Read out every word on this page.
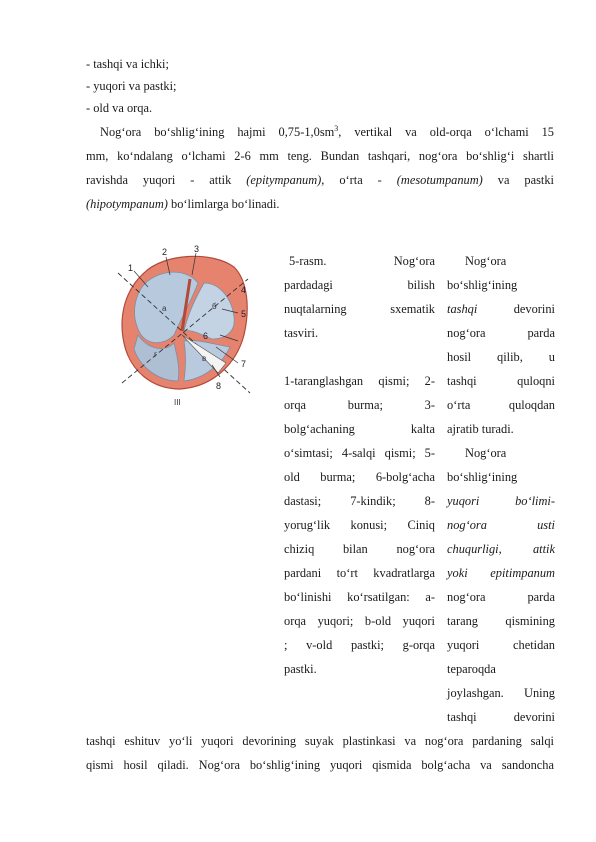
- tashqi va ichki;
- yuqori va pastki;
- old va orqa.
Nog‘ora bo‘shlig‘ining hajmi $0,75-1,0sm^3$, vertikal va old-orqa o‘lchami 15
mm, ko‘ndalang o‘lchami 2-6 mm teng. Bundan tashqari, nog‘ora bo‘shlig‘i shartli
ravishda yuqori - attik (epitympanum), o‘rta - (mesotumpanum) va pastki
(hipotympanum) bo‘limlarga bo‘linadi.
1
2	3
4
5
6
7
8
a	б
г	в
III
5-rasm. Nog‘ora
pardadagi bilish
nuqtalarning sxematik
tasviri.
1-taranglashgan qismi; 2-
orqa burma; 3-
bolg‘achaning kalta
o‘simtasi; 4-salqi qismi; 5-
old burma; 6-bolg‘acha
dastasi; 7-kindik; 8-
yorug‘lik konusi; Ciniq
chiziq bilan nog‘ora
pardani to‘rt kvadratlarga
bo‘linishi ko‘rsatilgan: a-
orqa yuqori; b-old yuqori
; v-old pastki; g-orqa
pastki.
Nog‘ora
bo‘shlig‘ining
tashqi	devorini
nog‘ora parda
hosil qilib, u
tashqi quloqni
o‘rta quloqdan
ajratib turadi.
Nog‘ora
bo‘shlig‘ining
yuqori bo‘limi-
nog‘ora usti
chuqurligi, attik
yoki epitimpanum
nog‘ora parda
tarang qismining
yuqori chetidan
teparoqda
joylashgan. Uning
tashqi devorini
tashqi eshituv yo‘li yuqori devorining suyak plastinkasi va nog‘ora pardaning salqi
qismi hosil qiladi. Nog‘ora bo‘shlig‘ining yuqori qismida bolg‘acha va sandoncha
